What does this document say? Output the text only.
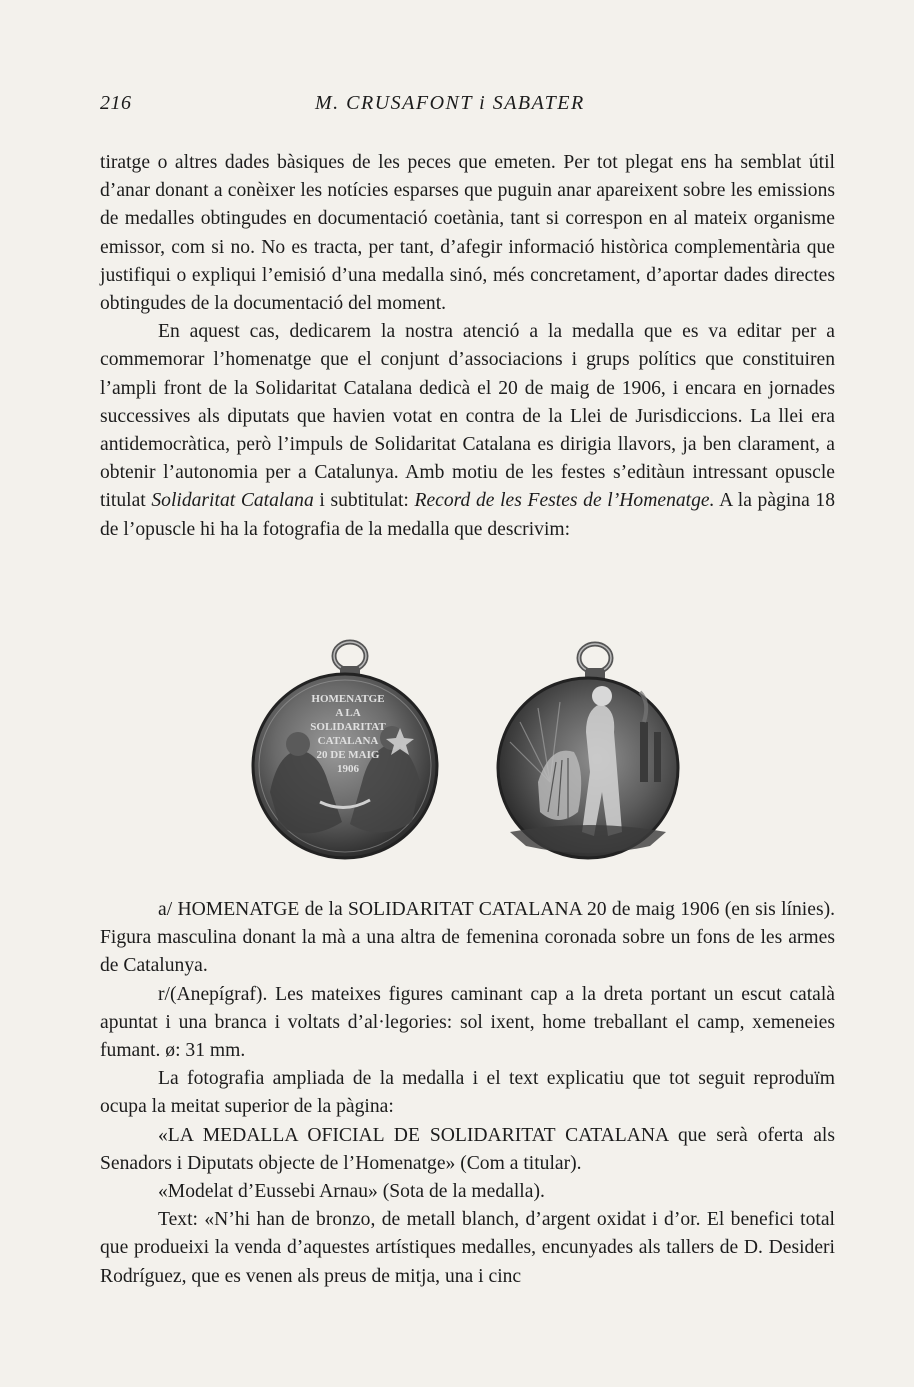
216	M. CRUSAFONT i SABATER

tiratge o altres dades bàsiques de les peces que emeten. Per tot plegat ens ha semblat útil d’anar donant a conèixer les notícies esparses que puguin anar apareixent sobre les emissions de medalles obtingudes en documentació coetània, tant si correspon en al mateix organisme emissor, com si no. No es tracta, per tant, d’afegir informació històrica complementària que justifiqui o expliqui l’emisió d’una medalla sinó, més concretament, d’aportar dades directes obtingudes de la documentació del moment.

En aquest cas, dedicarem la nostra atenció a la medalla que es va editar per a commemorar l’homenatge que el conjunt d’associacions i grups polítics que constituiren l’ampli front de la Solidaritat Catalana dedicà el 20 de maig de 1906, i encara en jornades successives als diputats que havien votat en contra de la Llei de Jurisdiccions. La llei era antidemocràtica, però l’impuls de Solidaritat Catalana es dirigia llavors, ja ben clarament, a obtenir l’autonomia per a Catalunya. Amb motiu de les festes s’editàun intressant opuscle titulat Solidaritat Catalana i subtitulat: Record de les Festes de l’Homenatge. A la pàgina 18 de l’opuscle hi ha la fotografia de la medalla que descrivim:

HOMENATGE
A LA
SOLIDARITAT
CATALANA
20 DE MAIG
1906

a/ HOMENATGE de la SOLIDARITAT CATALANA 20 de maig 1906 (en sis línies). Figura masculina donant la mà a una altra de femenina coronada sobre un fons de les armes de Catalunya.

r/(Anepígraf). Les mateixes figures caminant cap a la dreta portant un escut català apuntat i una branca i voltats d’al·legories: sol ixent, home treballant el camp, xemeneies fumant. ø: 31 mm.

La fotografia ampliada de la medalla i el text explicatiu que tot seguit reproduïm ocupa la meitat superior de la pàgina:

«LA MEDALLA OFICIAL DE SOLIDARITAT CATALANA que serà oferta als Senadors i Diputats objecte de l’Homenatge» (Com a titular).

«Modelat d’Eussebi Arnau» (Sota de la medalla).

Text: «N’hi han de bronzo, de metall blanch, d’argent oxidat i d’or. El benefici total que produeixi la venda d’aquestes artístiques medalles, encunyades als tallers de D. Desideri Rodríguez, que es venen als preus de mitja, una i cinc
